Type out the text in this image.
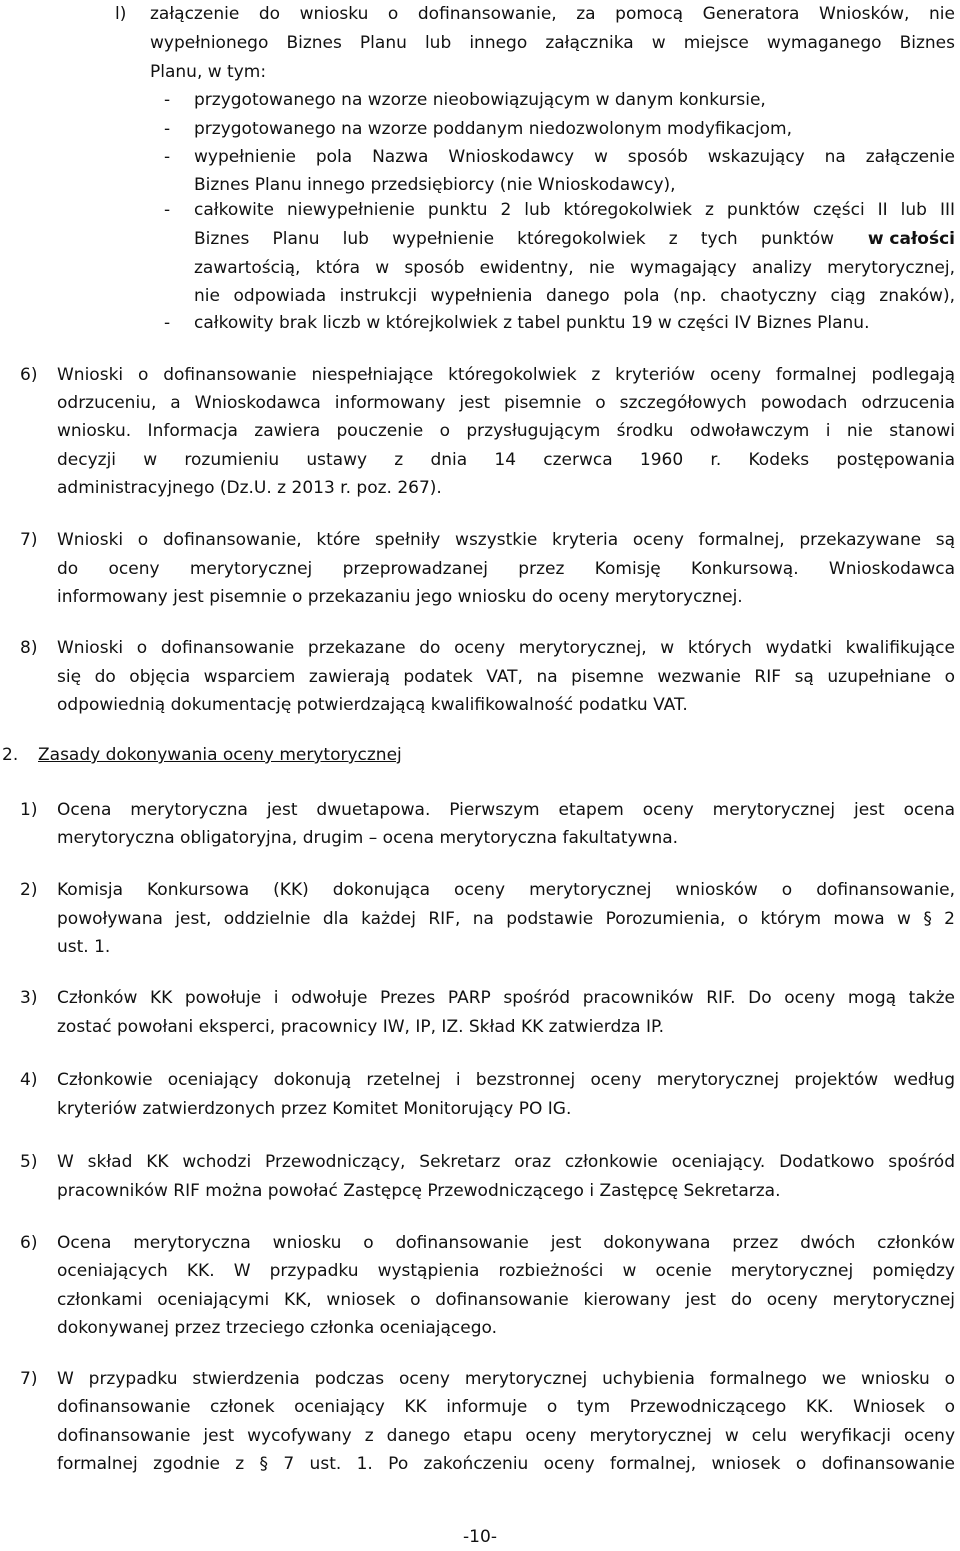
l) załączenie do wniosku o dofinansowanie, za pomocą Generatora Wniosków, nie
wypełnionego Biznes Planu lub innego załącznika w miejsce wymaganego Biznes
Planu, w tym:
- przygotowanego na wzorze nieobowiązującym w danym konkursie,
- przygotowanego na wzorze poddanym niedozwolonym modyfikacjom,
- wypełnienie pola Nazwa Wnioskodawcy w sposób wskazujący na załączenie
Biznes Planu innego przedsiębiorcy (nie Wnioskodawcy),
- całkowite niewypełnienie punktu 2 lub któregokolwiek z punktów części II lub III
Biznes Planu lub wypełnienie któregokolwiek z tych punktów w całości
zawartością, która w sposób ewidentny, nie wymagający analizy merytorycznej,
nie odpowiada instrukcji wypełnienia danego pola (np. chaotyczny ciąg znaków),
- całkowity brak liczb w którejkolwiek z tabel punktu 19 w części IV Biznes Planu.
6) Wnioski o dofinansowanie niespełniające któregokolwiek z kryteriów oceny formalnej podlegają
odrzuceniu, a Wnioskodawca informowany jest pisemnie o szczegółowych powodach odrzucenia
wniosku. Informacja zawiera pouczenie o przysługującym środku odwoławczym i nie stanowi
decyzji w rozumieniu ustawy z dnia 14 czerwca 1960 r. Kodeks postępowania
administracyjnego (Dz.U. z 2013 r. poz. 267).
7) Wnioski o dofinansowanie, które spełniły wszystkie kryteria oceny formalnej, przekazywane są
do oceny merytorycznej przeprowadzanej przez Komisję Konkursową. Wnioskodawca
informowany jest pisemnie o przekazaniu jego wniosku do oceny merytorycznej.
8) Wnioski o dofinansowanie przekazane do oceny merytorycznej, w których wydatki kwalifikujące
się do objęcia wsparciem zawierają podatek VAT, na pisemne wezwanie RIF są uzupełniane o
odpowiednią dokumentację potwierdzającą kwalifikowalność podatku VAT.
2. Zasady dokonywania oceny merytorycznej
1) Ocena merytoryczna jest dwuetapowa. Pierwszym etapem oceny merytorycznej jest ocena
merytoryczna obligatoryjna, drugim – ocena merytoryczna fakultatywna.
2) Komisja Konkursowa (KK) dokonująca oceny merytorycznej wniosków o dofinansowanie,
powoływana jest, oddzielnie dla każdej RIF, na podstawie Porozumienia, o którym mowa w § 2
ust. 1.
3) Członków KK powołuje i odwołuje Prezes PARP spośród pracowników RIF. Do oceny mogą także
zostać powołani eksperci, pracownicy IW, IP, IZ. Skład KK zatwierdza IP.
4) Członkowie oceniający dokonują rzetelnej i bezstronnej oceny merytorycznej projektów według
kryteriów zatwierdzonych przez Komitet Monitorujący PO IG.
5) W skład KK wchodzi Przewodniczący, Sekretarz oraz członkowie oceniający. Dodatkowo spośród
pracowników RIF można powołać Zastępcę Przewodniczącego i Zastępcę Sekretarza.
6) Ocena merytoryczna wniosku o dofinansowanie jest dokonywana przez dwóch członków
oceniających KK. W przypadku wystąpienia rozbieżności w ocenie merytorycznej pomiędzy
członkami oceniającymi KK, wniosek o dofinansowanie kierowany jest do oceny merytorycznej
dokonywanej przez trzeciego członka oceniającego.
7) W przypadku stwierdzenia podczas oceny merytorycznej uchybienia formalnego we wniosku o
dofinansowanie członek oceniający KK informuje o tym Przewodniczącego KK. Wniosek o
dofinansowanie jest wycofywany z danego etapu oceny merytorycznej w celu weryfikacji oceny
formalnej zgodnie z § 7 ust. 1. Po zakończeniu oceny formalnej, wniosek o dofinansowanie
-10-
